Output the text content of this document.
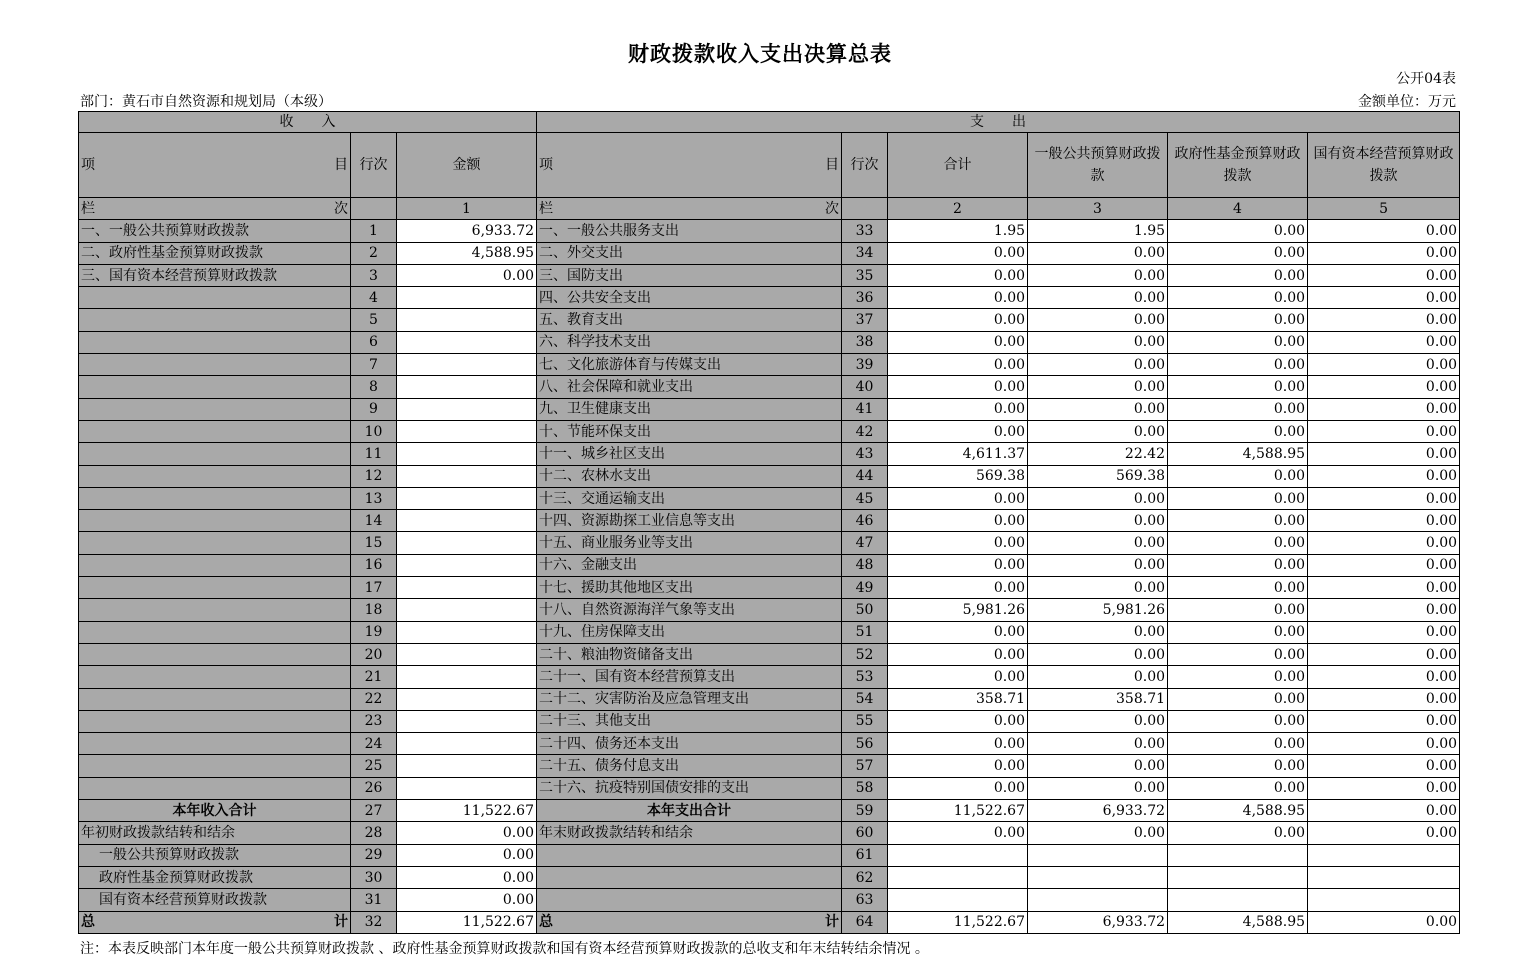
财政拨款收入支出决算总表
公开04表
部门：黄石市自然资源和规划局（本级）	金额单位：万元
收　　入			支　　出					

项 目	行次	金额	项 目	行次	合计	一般公共预算财政拨款	政府性基金预算财政拨款	国有资本经营预算财政拨款

栏 次		1	栏 次		2	3	4	5
一、一般公共预算财政拨款	1	6,933.72	一、一般公共服务支出	33	1.95	1.95	0.00	0.00
二、政府性基金预算财政拨款	2	4,588.95	二、外交支出	34	0.00	0.00	0.00	0.00
三、国有资本经营预算财政拨款	3	0.00	三、国防支出	35	0.00	0.00	0.00	0.00
	4		四、公共安全支出	36	0.00	0.00	0.00	0.00
	5		五、教育支出	37	0.00	0.00	0.00	0.00
	6		六、科学技术支出	38	0.00	0.00	0.00	0.00
	7		七、文化旅游体育与传媒支出	39	0.00	0.00	0.00	0.00
	8		八、社会保障和就业支出	40	0.00	0.00	0.00	0.00
	9		九、卫生健康支出	41	0.00	0.00	0.00	0.00
	10		十、节能环保支出	42	0.00	0.00	0.00	0.00
	11		十一、城乡社区支出	43	4,611.37	22.42	4,588.95	0.00
	12		十二、农林水支出	44	569.38	569.38	0.00	0.00
	13		十三、交通运输支出	45	0.00	0.00	0.00	0.00
	14		十四、资源勘探工业信息等支出	46	0.00	0.00	0.00	0.00
	15		十五、商业服务业等支出	47	0.00	0.00	0.00	0.00
	16		十六、金融支出	48	0.00	0.00	0.00	0.00
	17		十七、援助其他地区支出	49	0.00	0.00	0.00	0.00
	18		十八、自然资源海洋气象等支出	50	5,981.26	5,981.26	0.00	0.00
	19		十九、住房保障支出	51	0.00	0.00	0.00	0.00
	20		二十、粮油物资储备支出	52	0.00	0.00	0.00	0.00
	21		二十一、国有资本经营预算支出	53	0.00	0.00	0.00	0.00
	22		二十二、灾害防治及应急管理支出	54	358.71	358.71	0.00	0.00
	23		二十三、其他支出	55	0.00	0.00	0.00	0.00
	24		二十四、债务还本支出	56	0.00	0.00	0.00	0.00
	25		二十五、债务付息支出	57	0.00	0.00	0.00	0.00
	26		二十六、抗疫特别国债安排的支出	58	0.00	0.00	0.00	0.00
本年收入合计	27	11,522.67	本年支出合计	59	11,522.67	6,933.72	4,588.95	0.00
年初财政拨款结转和结余	28	0.00	年末财政拨款结转和结余	60	0.00	0.00	0.00	0.00
一般公共预算财政拨款	29	0.00		61				
政府性基金预算财政拨款	30	0.00		62				
国有资本经营预算财政拨款	31	0.00		63				

总 计	32	11,522.67	总 计	64	11,522.67	6,933.72	4,588.95	0.00
注：本表反映部门本年度一般公共预算财政拨款 、政府性基金预算财政拨款和国有资本经营预算财政拨款的总收支和年末结转结余情况 。
